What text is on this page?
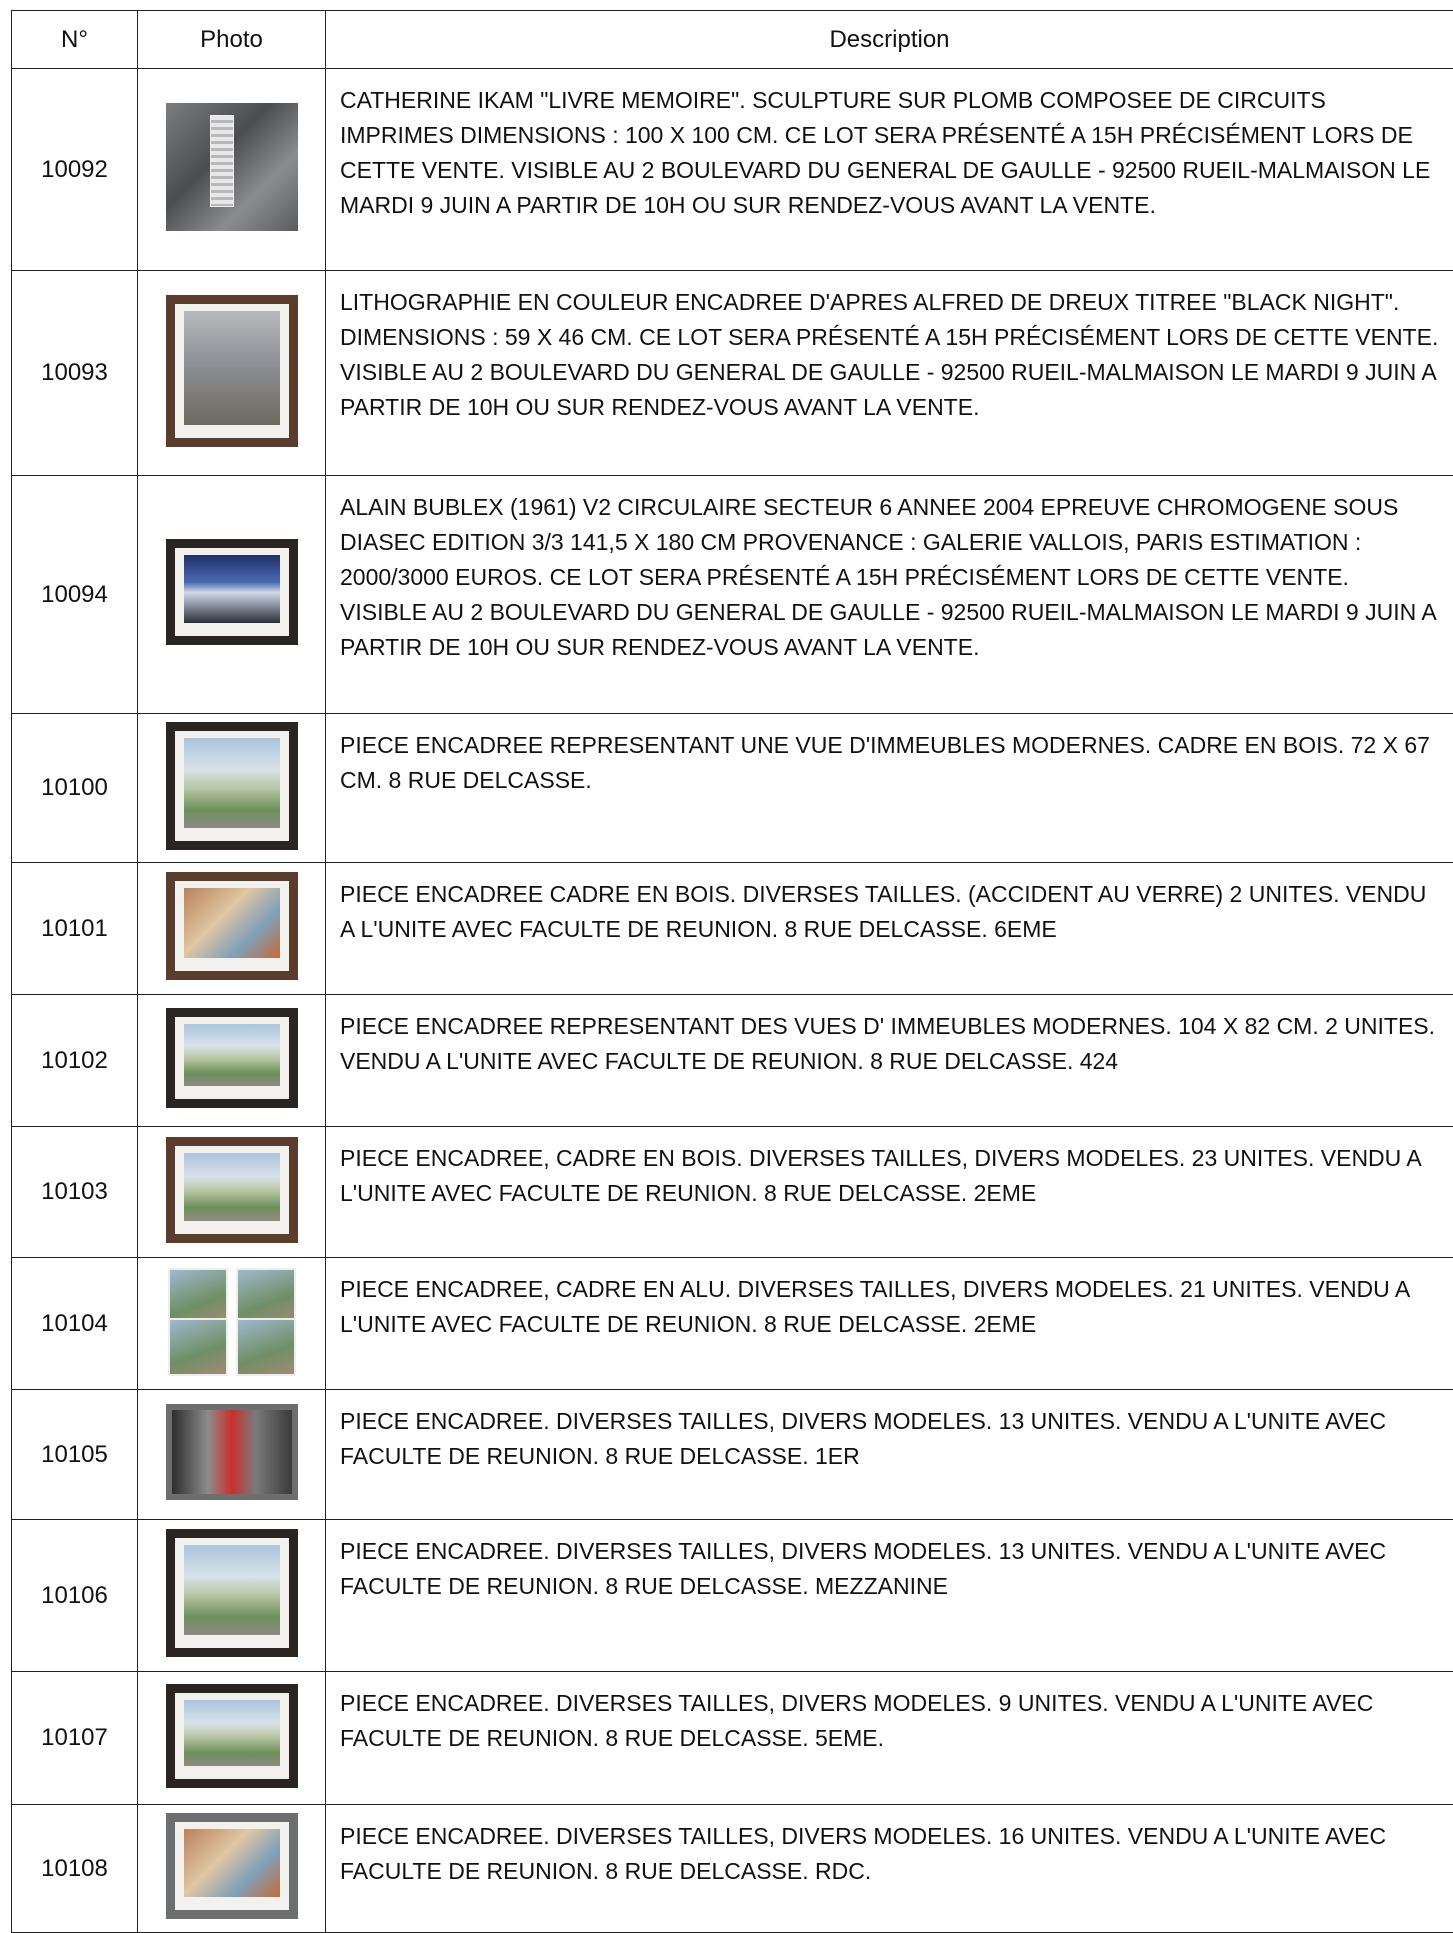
N°	Photo	Description
10092		CATHERINE IKAM "LIVRE MEMOIRE". SCULPTURE SUR PLOMB COMPOSEE DE CIRCUITS IMPRIMES DIMENSIONS : 100 X 100 CM. CE LOT SERA PRÉSENTÉ A 15H PRÉCISÉMENT LORS DE CETTE VENTE. VISIBLE AU 2 BOULEVARD DU GENERAL DE GAULLE - 92500 RUEIL-MALMAISON LE MARDI 9 JUIN A PARTIR DE 10H OU SUR RENDEZ-VOUS AVANT LA VENTE.
10093		LITHOGRAPHIE EN COULEUR ENCADREE D'APRES ALFRED DE DREUX TITREE "BLACK NIGHT". DIMENSIONS : 59 X 46 CM. CE LOT SERA PRÉSENTÉ A 15H PRÉCISÉMENT LORS DE CETTE VENTE. VISIBLE AU 2 BOULEVARD DU GENERAL DE GAULLE - 92500 RUEIL-MALMAISON LE MARDI 9 JUIN A PARTIR DE 10H OU SUR RENDEZ-VOUS AVANT LA VENTE.
10094		ALAIN BUBLEX (1961) V2 CIRCULAIRE SECTEUR 6 ANNEE 2004 EPREUVE CHROMOGENE SOUS DIASEC EDITION 3/3 141,5 X 180 CM PROVENANCE : GALERIE VALLOIS, PARIS ESTIMATION : 2000/3000 EUROS. CE LOT SERA PRÉSENTÉ A 15H PRÉCISÉMENT LORS DE CETTE VENTE. VISIBLE AU 2 BOULEVARD DU GENERAL DE GAULLE - 92500 RUEIL-MALMAISON LE MARDI 9 JUIN A PARTIR DE 10H OU SUR RENDEZ-VOUS AVANT LA VENTE.
10100		PIECE ENCADREE REPRESENTANT UNE VUE D'IMMEUBLES MODERNES. CADRE EN BOIS. 72 X 67 CM. 8 RUE DELCASSE.
10101		PIECE ENCADREE CADRE EN BOIS. DIVERSES TAILLES. (ACCIDENT AU VERRE) 2 UNITES. VENDU A L'UNITE AVEC FACULTE DE REUNION. 8 RUE DELCASSE. 6EME
10102		PIECE ENCADREE REPRESENTANT DES VUES D' IMMEUBLES MODERNES. 104 X 82 CM. 2 UNITES. VENDU A L'UNITE AVEC FACULTE DE REUNION. 8 RUE DELCASSE. 424
10103		PIECE ENCADREE, CADRE EN BOIS. DIVERSES TAILLES, DIVERS MODELES. 23 UNITES. VENDU A L'UNITE AVEC FACULTE DE REUNION. 8 RUE DELCASSE. 2EME
10104		PIECE ENCADREE, CADRE EN ALU. DIVERSES TAILLES, DIVERS MODELES. 21 UNITES. VENDU A L'UNITE AVEC FACULTE DE REUNION. 8 RUE DELCASSE. 2EME
10105		PIECE ENCADREE. DIVERSES TAILLES, DIVERS MODELES. 13 UNITES. VENDU A L'UNITE AVEC FACULTE DE REUNION. 8 RUE DELCASSE. 1ER
10106		PIECE ENCADREE. DIVERSES TAILLES, DIVERS MODELES. 13 UNITES. VENDU A L'UNITE AVEC FACULTE DE REUNION. 8 RUE DELCASSE. MEZZANINE
10107		PIECE ENCADREE. DIVERSES TAILLES, DIVERS MODELES. 9 UNITES. VENDU A L'UNITE AVEC FACULTE DE REUNION. 8 RUE DELCASSE. 5EME.
10108		PIECE ENCADREE. DIVERSES TAILLES, DIVERS MODELES. 16 UNITES. VENDU A L'UNITE AVEC FACULTE DE REUNION. 8 RUE DELCASSE. RDC.
